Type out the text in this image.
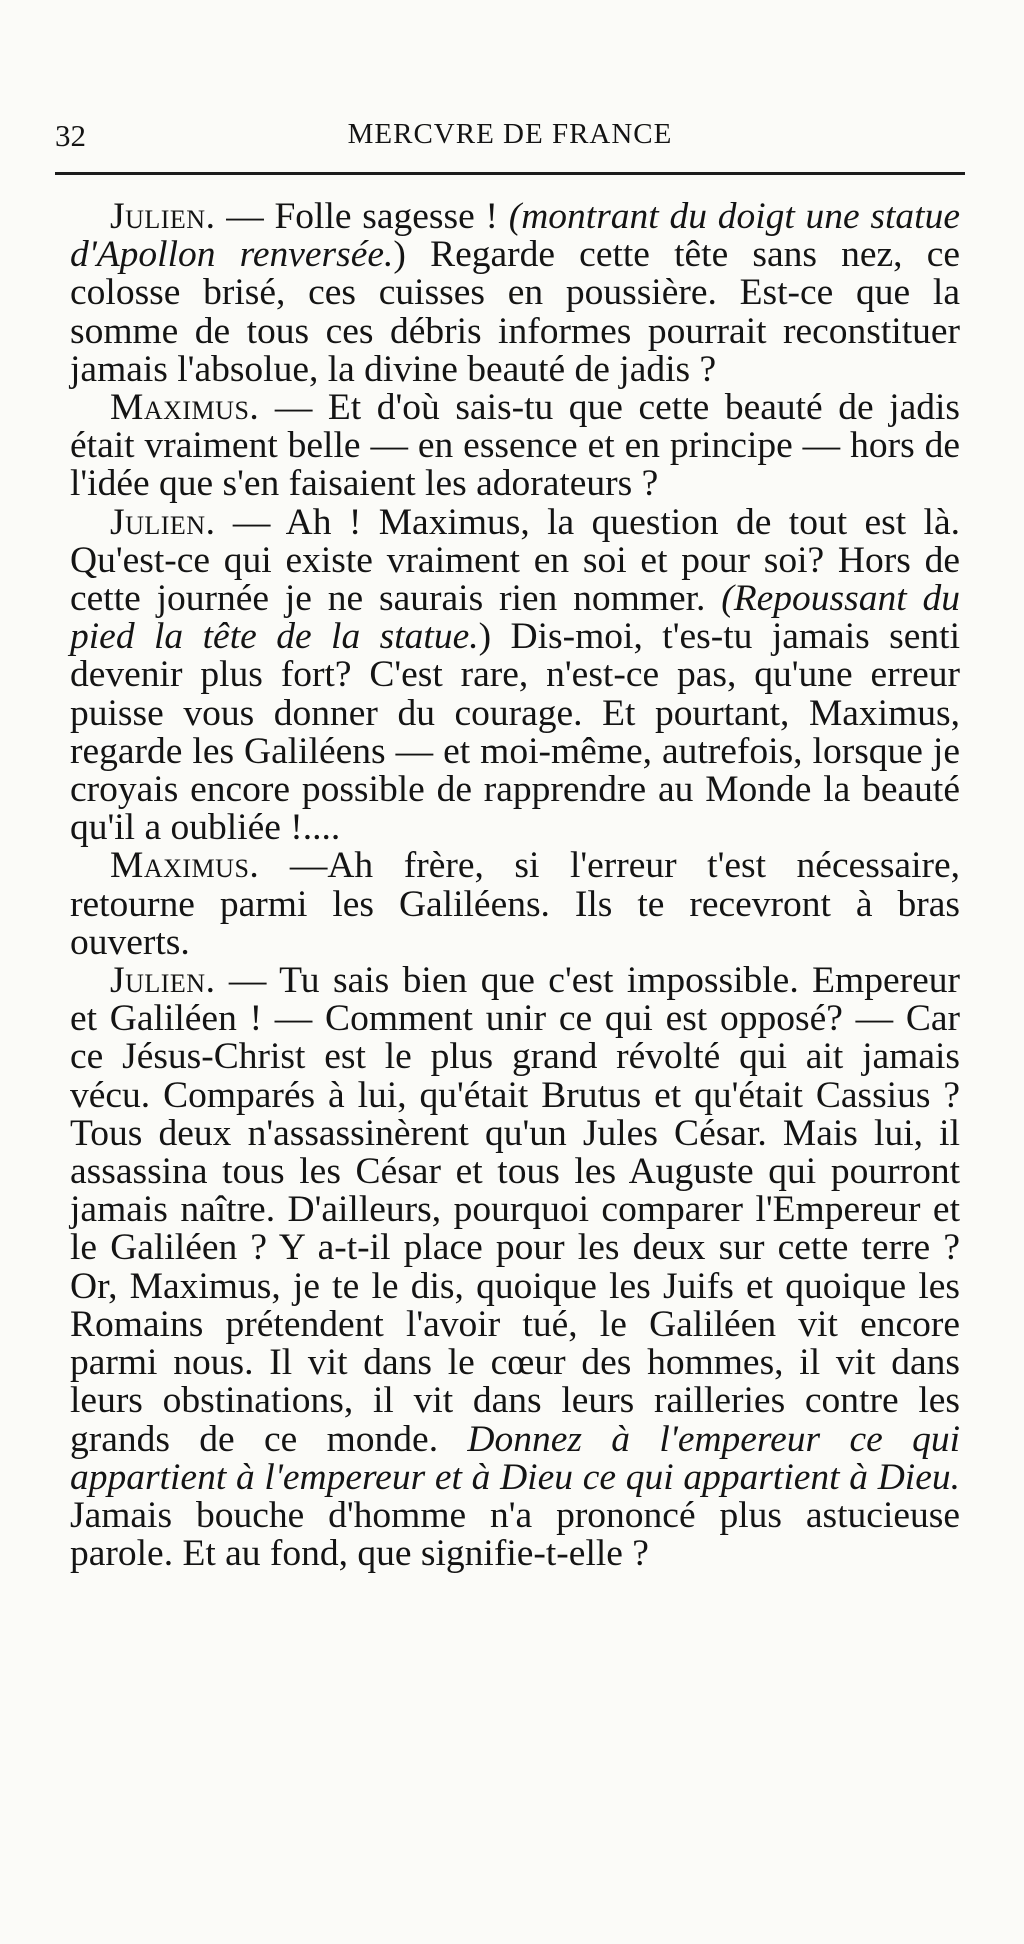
32	MERCVRE DE FRANCE

Julien. — Folle sagesse ! (montrant du doigt une statue d'Apollon renversée.) Regarde cette tête sans nez, ce colosse brisé, ces cuisses en poussière. Est-ce que la somme de tous ces débris informes pourrait reconstituer jamais l'absolue, la divine beauté de jadis ?

Maximus. — Et d'où sais-tu que cette beauté de jadis était vraiment belle — en essence et en principe — hors de l'idée que s'en faisaient les adorateurs ?

Julien. — Ah ! Maximus, la question de tout est là. Qu'est-ce qui existe vraiment en soi et pour soi? Hors de cette journée je ne saurais rien nommer. (Repoussant du pied la tête de la statue.) Dis-moi, t'es-tu jamais senti devenir plus fort? C'est rare, n'est-ce pas, qu'une erreur puisse vous donner du courage. Et pourtant, Maximus, regarde les Galiléens — et moi-même, autrefois, lorsque je croyais encore possible de rapprendre au Monde la beauté qu'il a oubliée !....

Maximus. —Ah frère, si l'erreur t'est nécessaire, retourne parmi les Galiléens. Ils te recevront à bras ouverts.

Julien. — Tu sais bien que c'est impossible. Empereur et Galiléen ! — Comment unir ce qui est opposé? — Car ce Jésus-Christ est le plus grand révolté qui ait jamais vécu. Comparés à lui, qu'était Brutus et qu'était Cassius ? Tous deux n'assassinèrent qu'un Jules César. Mais lui, il assassina tous les César et tous les Auguste qui pourront jamais naître. D'ailleurs, pourquoi comparer l'Empereur et le Galiléen ? Y a-t-il place pour les deux sur cette terre ? Or, Maximus, je te le dis, quoique les Juifs et quoique les Romains prétendent l'avoir tué, le Galiléen vit encore parmi nous. Il vit dans le cœur des hommes, il vit dans leurs obstinations, il vit dans leurs railleries contre les grands de ce monde. Donnez à l'empereur ce qui appartient à l'empereur et à Dieu ce qui appartient à Dieu. Jamais bouche d'homme n'a prononcé plus astucieuse parole. Et au fond, que signifie-t-elle ?
